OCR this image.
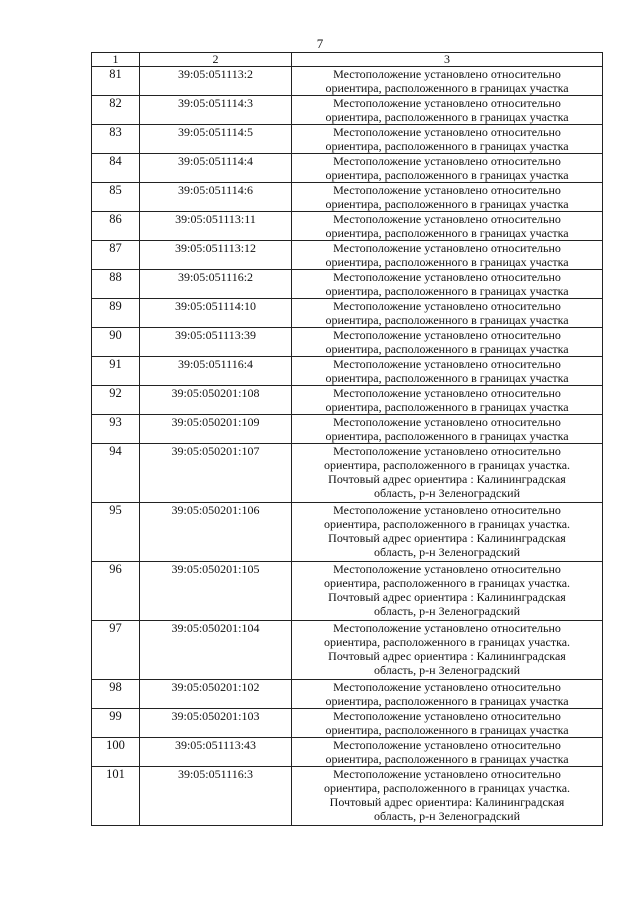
7
1	2	3
81	39:05:051113:2	Местоположение установлено относительно
ориентира, расположенного в границах участка

82	39:05:051114:3	Местоположение установлено относительно
ориентира, расположенного в границах участка

83	39:05:051114:5	Местоположение установлено относительно
ориентира, расположенного в границах участка

84	39:05:051114:4	Местоположение установлено относительно
ориентира, расположенного в границах участка

85	39:05:051114:6	Местоположение установлено относительно
ориентира, расположенного в границах участка

86	39:05:051113:11	Местоположение установлено относительно
ориентира, расположенного в границах участка

87	39:05:051113:12	Местоположение установлено относительно
ориентира, расположенного в границах участка

88	39:05:051116:2	Местоположение установлено относительно
ориентира, расположенного в границах участка

89	39:05:051114:10	Местоположение установлено относительно
ориентира, расположенного в границах участка

90	39:05:051113:39	Местоположение установлено относительно
ориентира, расположенного в границах участка

91	39:05:051116:4	Местоположение установлено относительно
ориентира, расположенного в границах участка

92	39:05:050201:108	Местоположение установлено относительно
ориентира, расположенного в границах участка

93	39:05:050201:109	Местоположение установлено относительно
ориентира, расположенного в границах участка

94	39:05:050201:107	Местоположение установлено относительно
ориентира, расположенного в границах участка.
Почтовый адрес ориентира : Калининградская
область, р-н Зеленоградский

95	39:05:050201:106	Местоположение установлено относительно
ориентира, расположенного в границах участка.
Почтовый адрес ориентира : Калининградская
область, р-н Зеленоградский

96	39:05:050201:105	Местоположение установлено относительно
ориентира, расположенного в границах участка.
Почтовый адрес ориентира : Калининградская
область, р-н Зеленоградский

97	39:05:050201:104	Местоположение установлено относительно
ориентира, расположенного в границах участка.
Почтовый адрес ориентира : Калининградская
область, р-н Зеленоградский

98	39:05:050201:102	Местоположение установлено относительно
ориентира, расположенного в границах участка

99	39:05:050201:103	Местоположение установлено относительно
ориентира, расположенного в границах участка

100	39:05:051113:43	Местоположение установлено относительно
ориентира, расположенного в границах участка

101	39:05:051116:3	Местоположение установлено относительно
ориентира, расположенного в границах участка.
Почтовый адрес ориентира: Калининградская
область, р-н Зеленоградский
